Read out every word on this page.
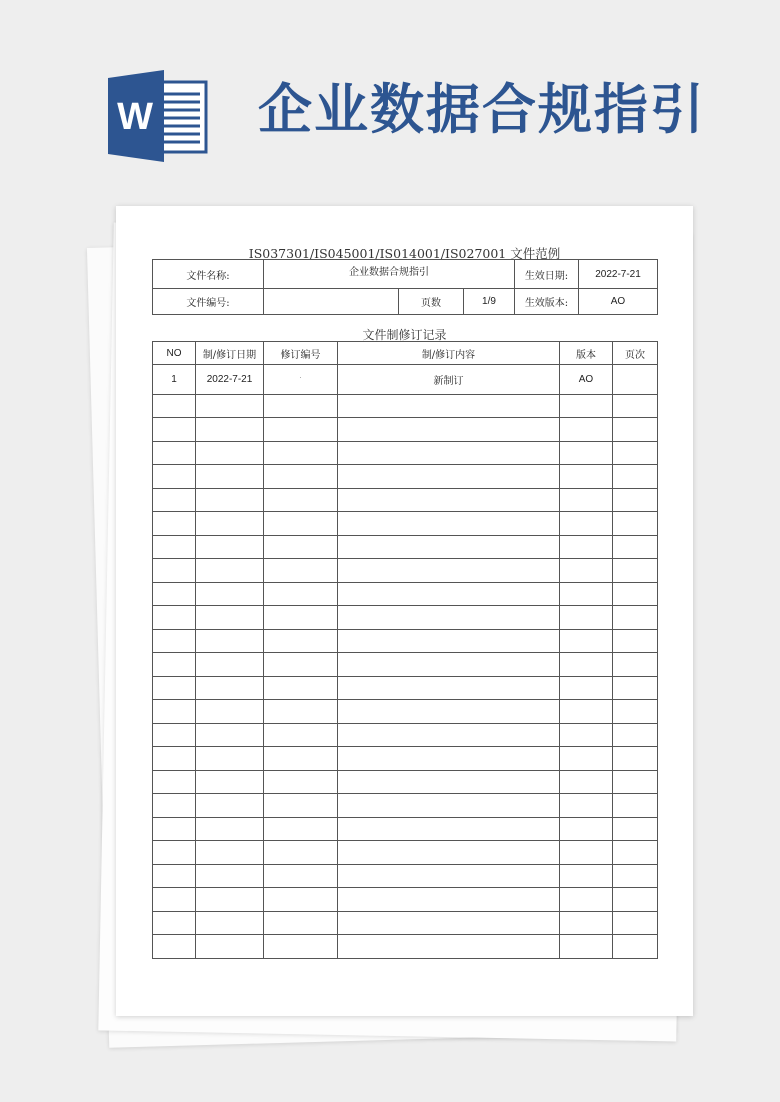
W 企业数据合规指引
IS037301/IS045001/IS014001/IS027001 文件范例
文件名称:	企业数据合规指引			生效日期:	2022-7-21
文件编号:		页数	1/9	生效版本:	AO
文件制修订记录
NO	制/修订日期	修订编号	制/修订内容	版本	页次
1	2022-7-21	.	新制订	AO	
